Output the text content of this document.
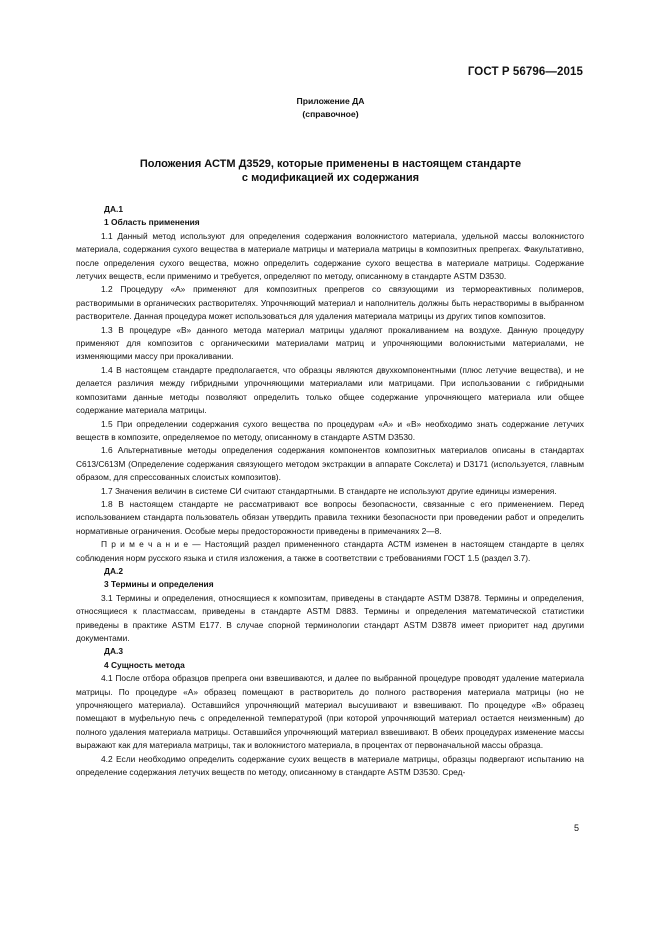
ГОСТ Р 56796—2015
Приложение ДА
(справочное)
Положения АСТМ Д3529, которые применены в настоящем стандарте
с модификацией их содержания
ДА.1
1 Область применения

1.1 Данный метод используют для определения содержания волокнистого материала, удельной массы волокнистого материала, содержания сухого вещества в материале матрицы и материала матрицы в композитных препрегах. Факультативно, после определения сухого вещества, можно определить содержание сухого вещества в материале матрицы. Содержание летучих веществ, если применимо и требуется, определяют по методу, описанному в стандарте ASTM D3530.

1.2 Процедуру «А» применяют для композитных препрегов со связующими из термореактивных полимеров, растворимыми в органических растворителях. Упрочняющий материал и наполнитель должны быть нерастворимы в выбранном растворителе. Данная процедура может использоваться для удаления материала матрицы из других типов композитов.

1.3 В процедуре «В» данного метода материал матрицы удаляют прокаливанием на воздухе. Данную процедуру применяют для композитов с органическими материалами матриц и упрочняющими волокнистыми материалами, не изменяющими массу при прокаливании.

1.4 В настоящем стандарте предполагается, что образцы являются двухкомпонентными (плюс летучие вещества), и не делается различия между гибридными упрочняющими материалами или матрицами. При использовании с гибридными композитами данные методы позволяют определить только общее содержание упрочняющего материала или общее содержание материала матрицы.

1.5 При определении содержания сухого вещества по процедурам «А» и «В» необходимо знать содержание летучих веществ в композите, определяемое по методу, описанному в стандарте ASTM D3530.

1.6 Альтернативные методы определения содержания компонентов композитных материалов описаны в стандартах C613/C613M (Определение содержания связующего методом экстракции в аппарате Сокслета) и D3171 (используется, главным образом, для спрессованных слоистых композитов).

1.7 Значения величин в системе СИ считают стандартными. В стандарте не используют другие единицы измерения.

1.8 В настоящем стандарте не рассматривают все вопросы безопасности, связанные с его применением. Перед использованием стандарта пользователь обязан утвердить правила техники безопасности при проведении работ и определить нормативные ограничения. Особые меры предосторожности приведены в примечаниях 2—8.

П р и м е ч а н и е — Настоящий раздел примененного стандарта АСТМ изменен в настоящем стандарте в целях соблюдения норм русского языка и стиля изложения, а также в соответствии с требованиями ГОСТ 1.5 (раздел 3.7).

ДА.2
3 Термины и определения

3.1 Термины и определения, относящиеся к композитам, приведены в стандарте ASTM D3878. Термины и определения, относящиеся к пластмассам, приведены в стандарте ASTM D883. Термины и определения математической статистики приведены в практике ASTM E177. В случае спорной терминологии стандарт ASTM D3878 имеет приоритет над другими документами.

ДА.3
4 Сущность метода

4.1 После отбора образцов препрега они взвешиваются, и далее по выбранной процедуре проводят удаление материала матрицы. По процедуре «А» образец помещают в растворитель до полного растворения материала матрицы (но не упрочняющего материала). Оставшийся упрочняющий материал высушивают и взвешивают. По процедуре «В» образец помещают в муфельную печь с определенной температурой (при которой упрочняющий материал остается неизменным) до полного удаления материала матрицы. Оставшийся упрочняющий материал взвешивают. В обеих процедурах изменение массы выражают как для материала матрицы, так и волокнистого материала, в процентах от первоначальной массы образца.

4.2 Если необходимо определить содержание сухих веществ в материале матрицы, образцы подвергают испытанию на определение содержания летучих веществ по методу, описанному в стандарте ASTM D3530. Сред-

5
